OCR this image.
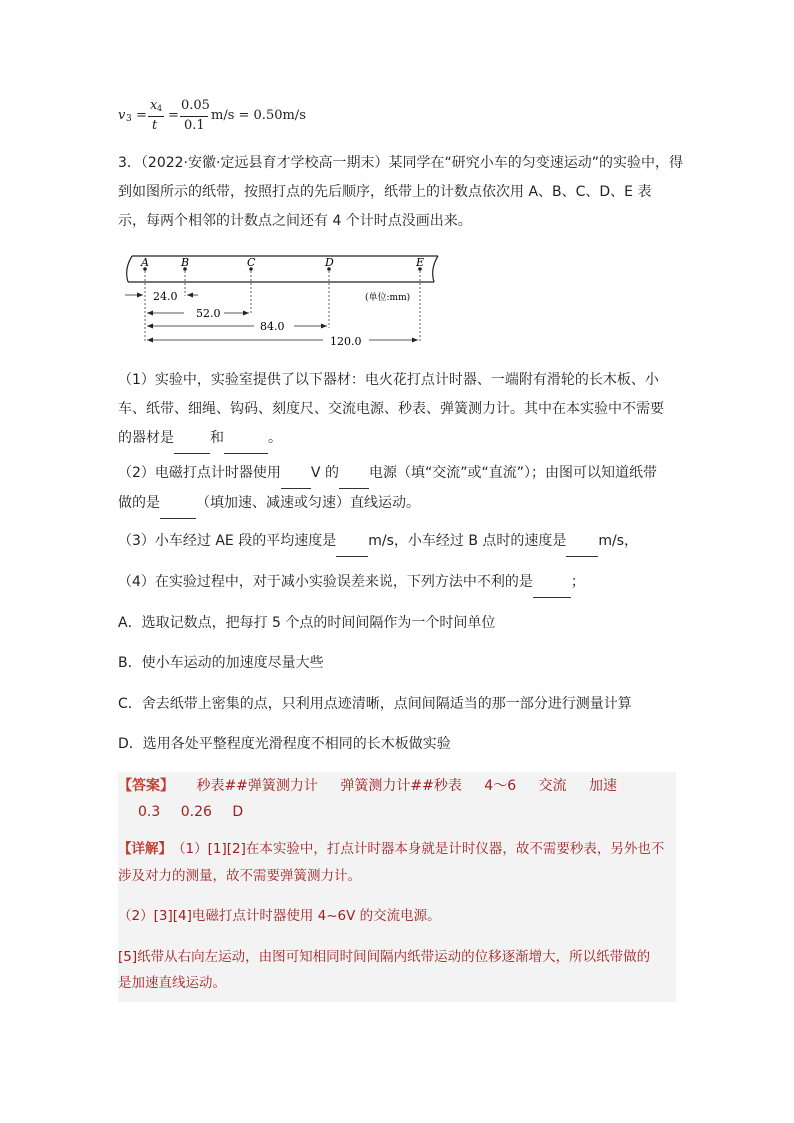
v 3 =
x 4
t
=
0.05
0.1
m/s = 0.50m/s
3．（2022·安徽·定远县育才学校高一期末）某同学在“研究小车的匀变速运动”的实验中，得
到如图所示的纸带，按照打点的先后顺序，纸带上的计数点依次用 A、B、C、D、E 表
示，每两个相邻的计数点之间还有 4 个计时点没画出来。
A	B	C	D	E
24.0	(单位:mm)
52.0
84.0
120.0
（1）实验中，实验室提供了以下器材：电火花打点计时器、一端附有滑轮的长木板、小
车、纸带、细绳、钩码、刻度尺、交流电源、秒表、弹簧测力计。其中在本实验中不需要
的器材是	和	。
（2）电磁打点计时器使用 V 的 电源（填“交流”或“直流”）；由图可以知道纸带
做的是	（填加速、减速或匀速）直线运动。
（3）小车经过 AE 段的平均速度是 m/s，小车经过 B 点时的速度是 m/s，
（4）在实验过程中，对于减小实验误差来说，下列方法中不利的是	；
A．选取记数点，把每打 5 个点的时间间隔作为一个时间单位
B．使小车运动的加速度尽量大些
C．舍去纸带上密集的点，只利用点迹清晰，点间间隔适当的那一部分进行测量计算
D．选用各处平整程度光滑程度不相同的长木板做实验
【答案】 秒表##弹簧测力计 弹簧测力计##秒表 4～6 交流 加速
0.3 0.26 D
【详解】（1）[1][2]在本实验中，打点计时器本身就是计时仪器，故不需要秒表，另外也不
涉及对力的测量，故不需要弹簧测力计。
（2）[3][4]电磁打点计时器使用 4~6V 的交流电源。
[5]纸带从右向左运动，由图可知相同时间间隔内纸带运动的位移逐渐增大，所以纸带做的
是加速直线运动。
